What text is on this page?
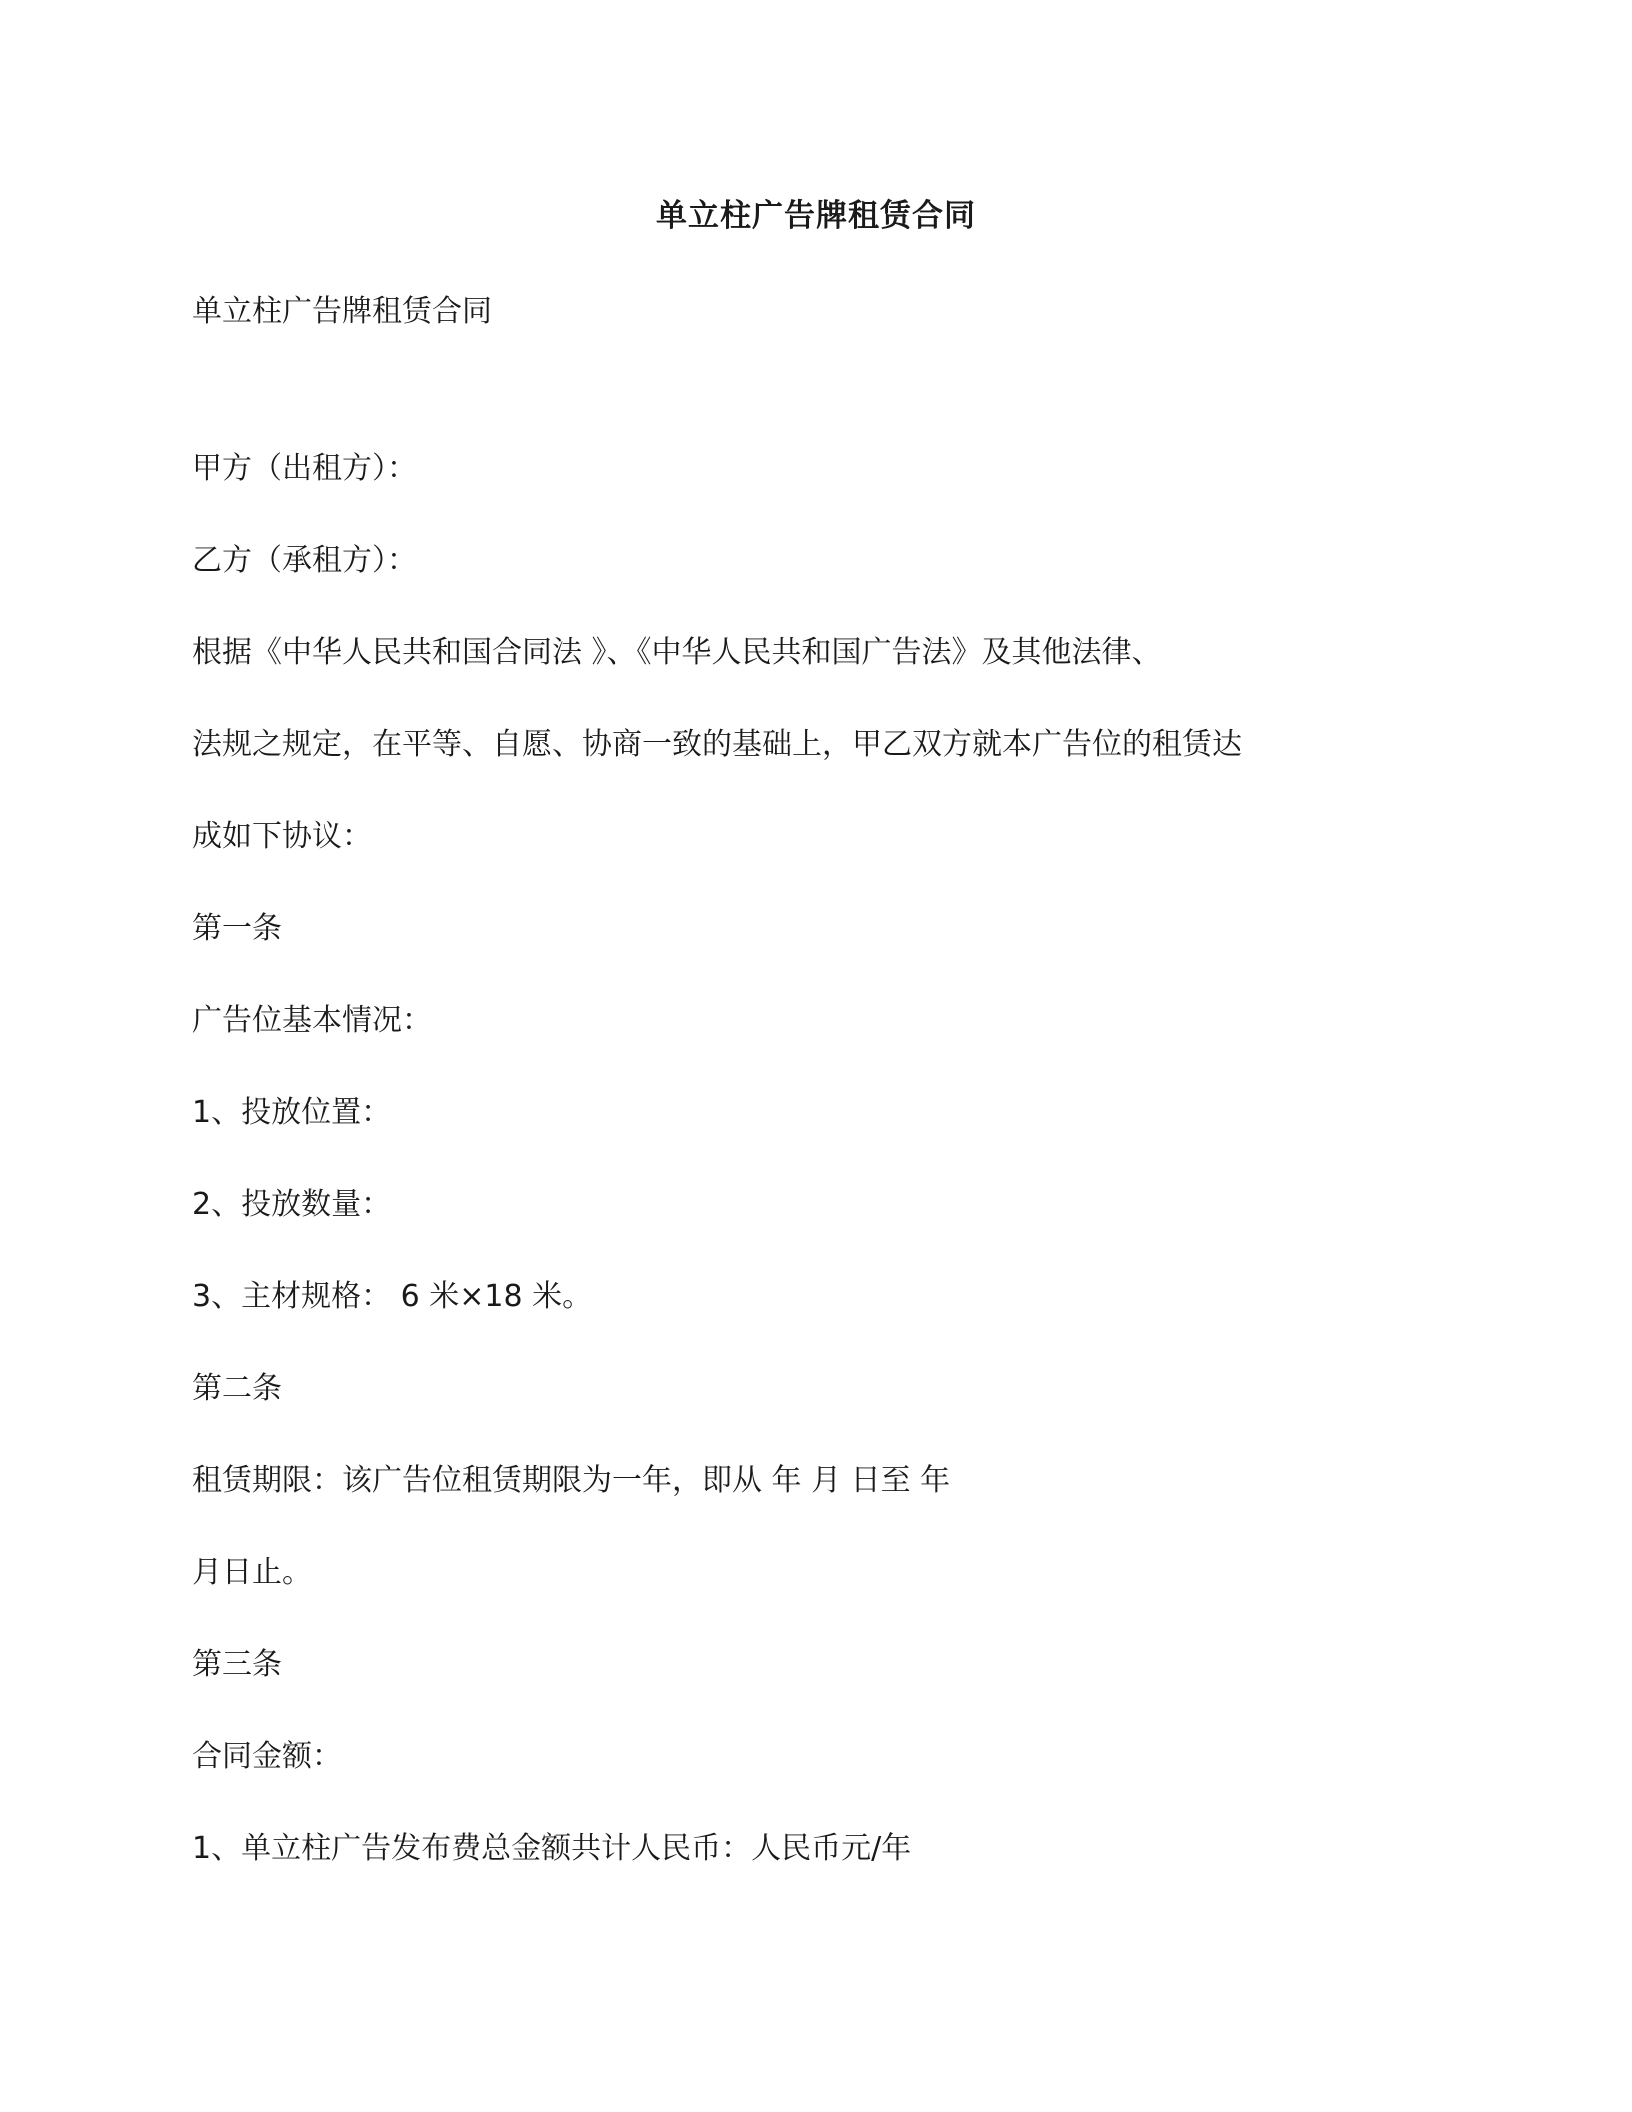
单立柱广告牌租赁合同
单立柱广告牌租赁合同
甲方（出租方）：
乙方（承租方）：
根据《中华人民共和国合同法 》、《中华人民共和国广告法》及其他法律、
法规之规定，在平等、自愿、协商一致的基础上，甲乙双方就本广告位的租赁达
成如下协议：
第一条
广告位基本情况：
1、投放位置：
2、投放数量：
3、主材规格： 6 米×18 米。
第二条
租赁期限：该广告位租赁期限为一年，即从 年 月 日至 年
月日止。
第三条
合同金额：
1、单立柱广告发布费总金额共计人民币：人民币元/年
